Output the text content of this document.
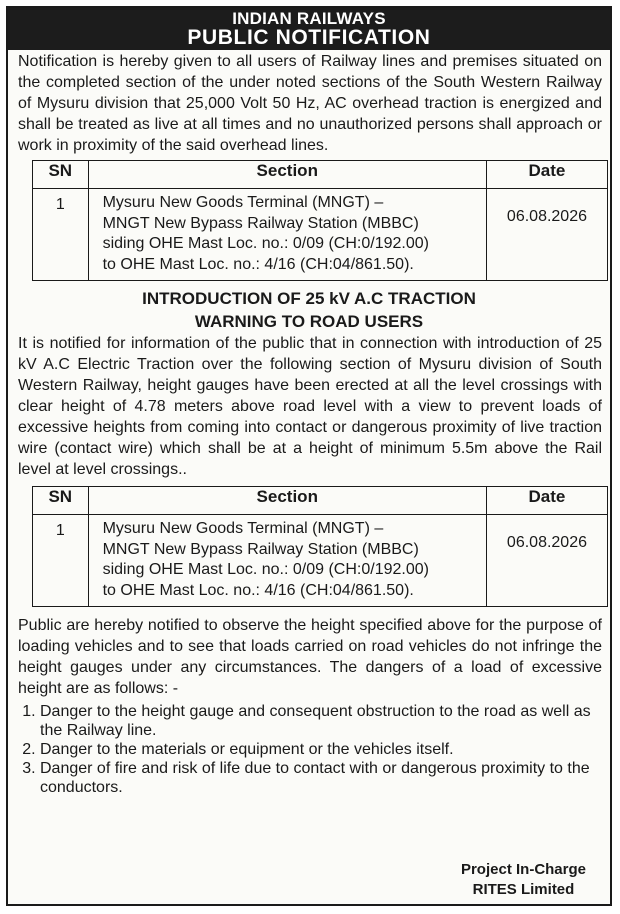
INDIAN RAILWAYS
PUBLIC NOTIFICATION

Notification is hereby given to all users of Railway lines and premises situated on the completed section of the under noted sections of the South Western Railway of Mysuru division that 25,000 Volt 50 Hz, AC overhead traction is energized and shall be treated as live at all times and no unauthorized persons shall approach or work in proximity of the said overhead lines.

SN	Section	Date
1	Mysuru New Goods Terminal (MNGT) –
MNGT New Bypass Railway Station (MBBC)
siding OHE Mast Loc. no.: 0/09 (CH:0/192.00)
to OHE Mast Loc. no.: 4/16 (CH:04/861.50).	06.08.2026
INTRODUCTION OF 25 kV A.C TRACTION
WARNING TO ROAD USERS

It is notified for information of the public that in connection with introduction of 25 kV A.C Electric Traction over the following section of Mysuru division of South Western Railway, height gauges have been erected at all the level crossings with clear height of 4.78 meters above road level with a view to prevent loads of excessive heights from coming into contact or dangerous proximity of live traction wire (contact wire) which shall be at a height of minimum 5.5m above the Rail level at level crossings..

SN	Section	Date
1	Mysuru New Goods Terminal (MNGT) –
MNGT New Bypass Railway Station (MBBC)
siding OHE Mast Loc. no.: 0/09 (CH:0/192.00)
to OHE Mast Loc. no.: 4/16 (CH:04/861.50).	06.08.2026

Public are hereby notified to observe the height specified above for the purpose of loading vehicles and to see that loads carried on road vehicles do not infringe the height gauges under any circumstances. The dangers of a load of excessive height are as follows: -

1. Danger to the height gauge and consequent obstruction to the road as well as the Railway line.
2. Danger to the materials or equipment or the vehicles itself.
3. Danger of fire and risk of life due to contact with or dangerous proximity to the conductors.
Project In-Charge
RITES Limited
